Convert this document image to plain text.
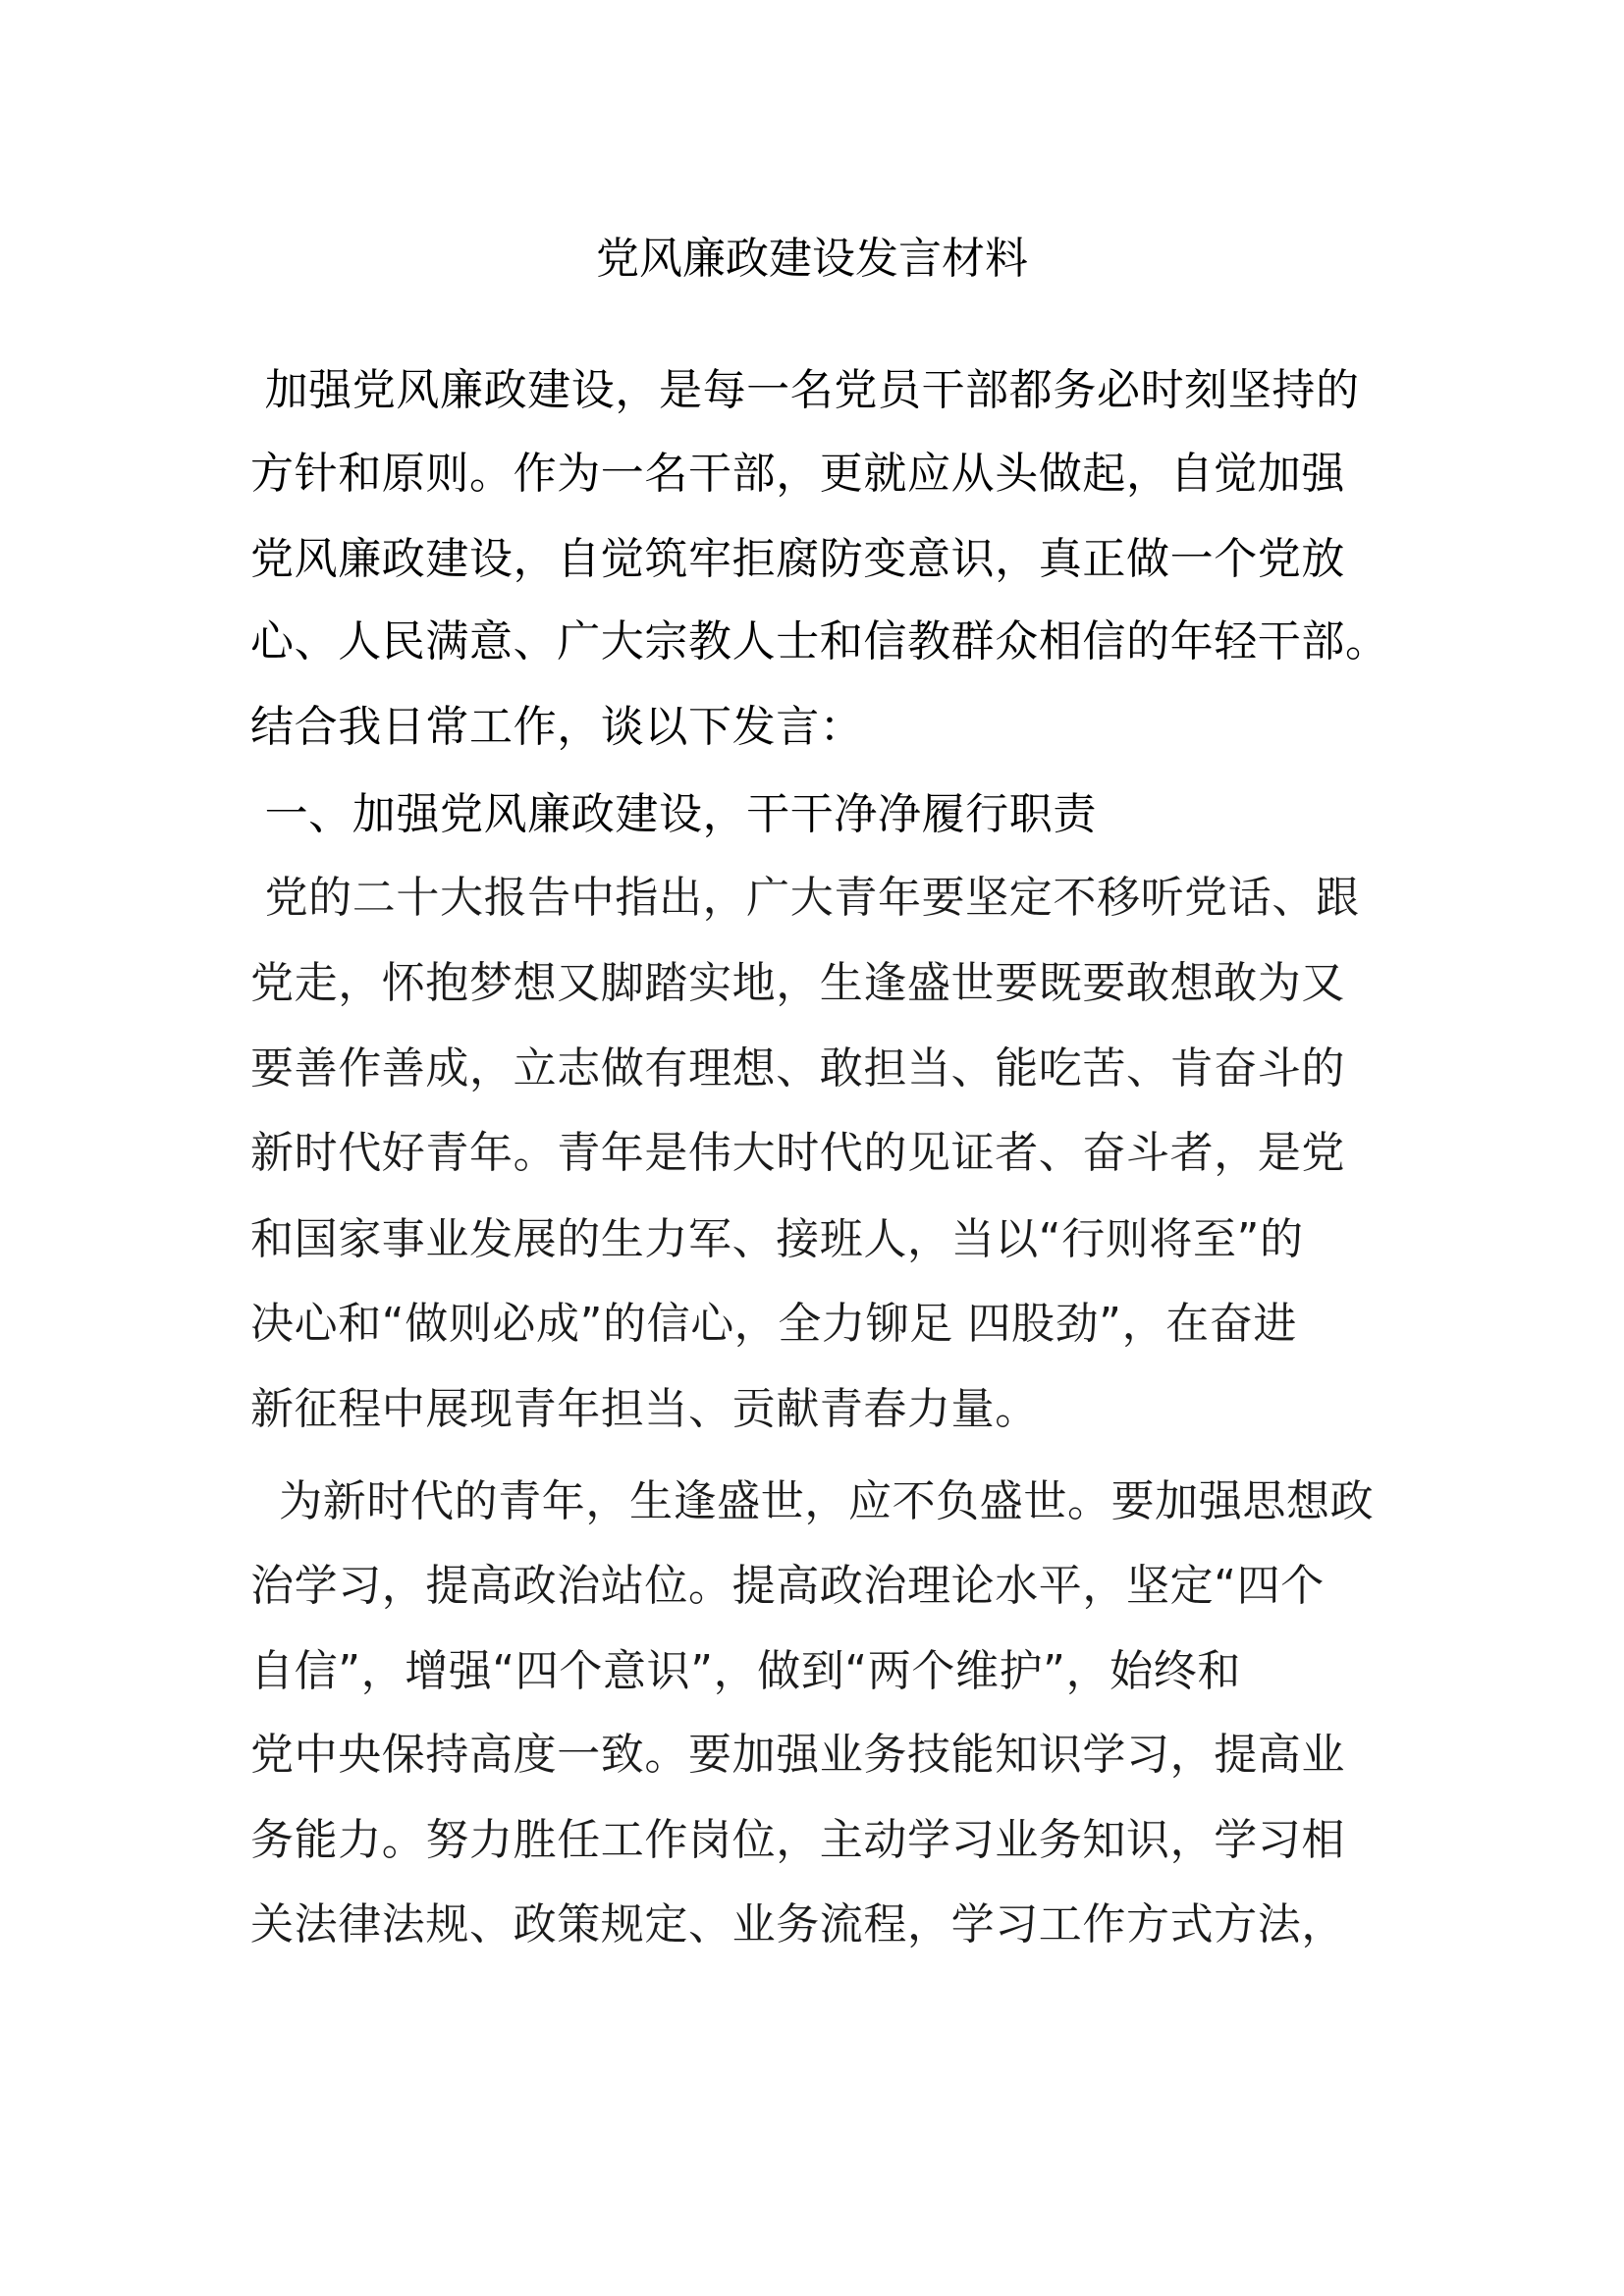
党风廉政建设发言材料
加强党风廉政建设，是每一名党员干部都务必时刻坚持的
方针和原则。作为一名干部，更就应从头做起，自觉加强
党风廉政建设，自觉筑牢拒腐防变意识，真正做一个党放
心、人民满意、广大宗教人士和信教群众相信的年轻干部。
结合我日常工作，谈以下发言：
一、加强党风廉政建设，干干净净履行职责
党的二十大报告中指出，广大青年要坚定不移听党话、跟
党走，怀抱梦想又脚踏实地，生逢盛世要既要敢想敢为又
要善作善成，立志做有理想、敢担当、能吃苦、肯奋斗的
新时代好青年。青年是伟大时代的见证者、奋斗者，是党
和国家事业发展的生力军、接班人，当以“行则将至”的
决心和“做则必成”的信心，全力铆足 四股劲”，在奋进
新征程中展现青年担当、贡献青春力量。
为新时代的青年，生逢盛世，应不负盛世。要加强思想政
治学习，提高政治站位。提高政治理论水平，坚定“四个
自信”，增强“四个意识”，做到“两个维护”，始终和
党中央保持高度一致。要加强业务技能知识学习，提高业
务能力。努力胜任工作岗位，主动学习业务知识，学习相
关法律法规、政策规定、业务流程，学习工作方式方法，
